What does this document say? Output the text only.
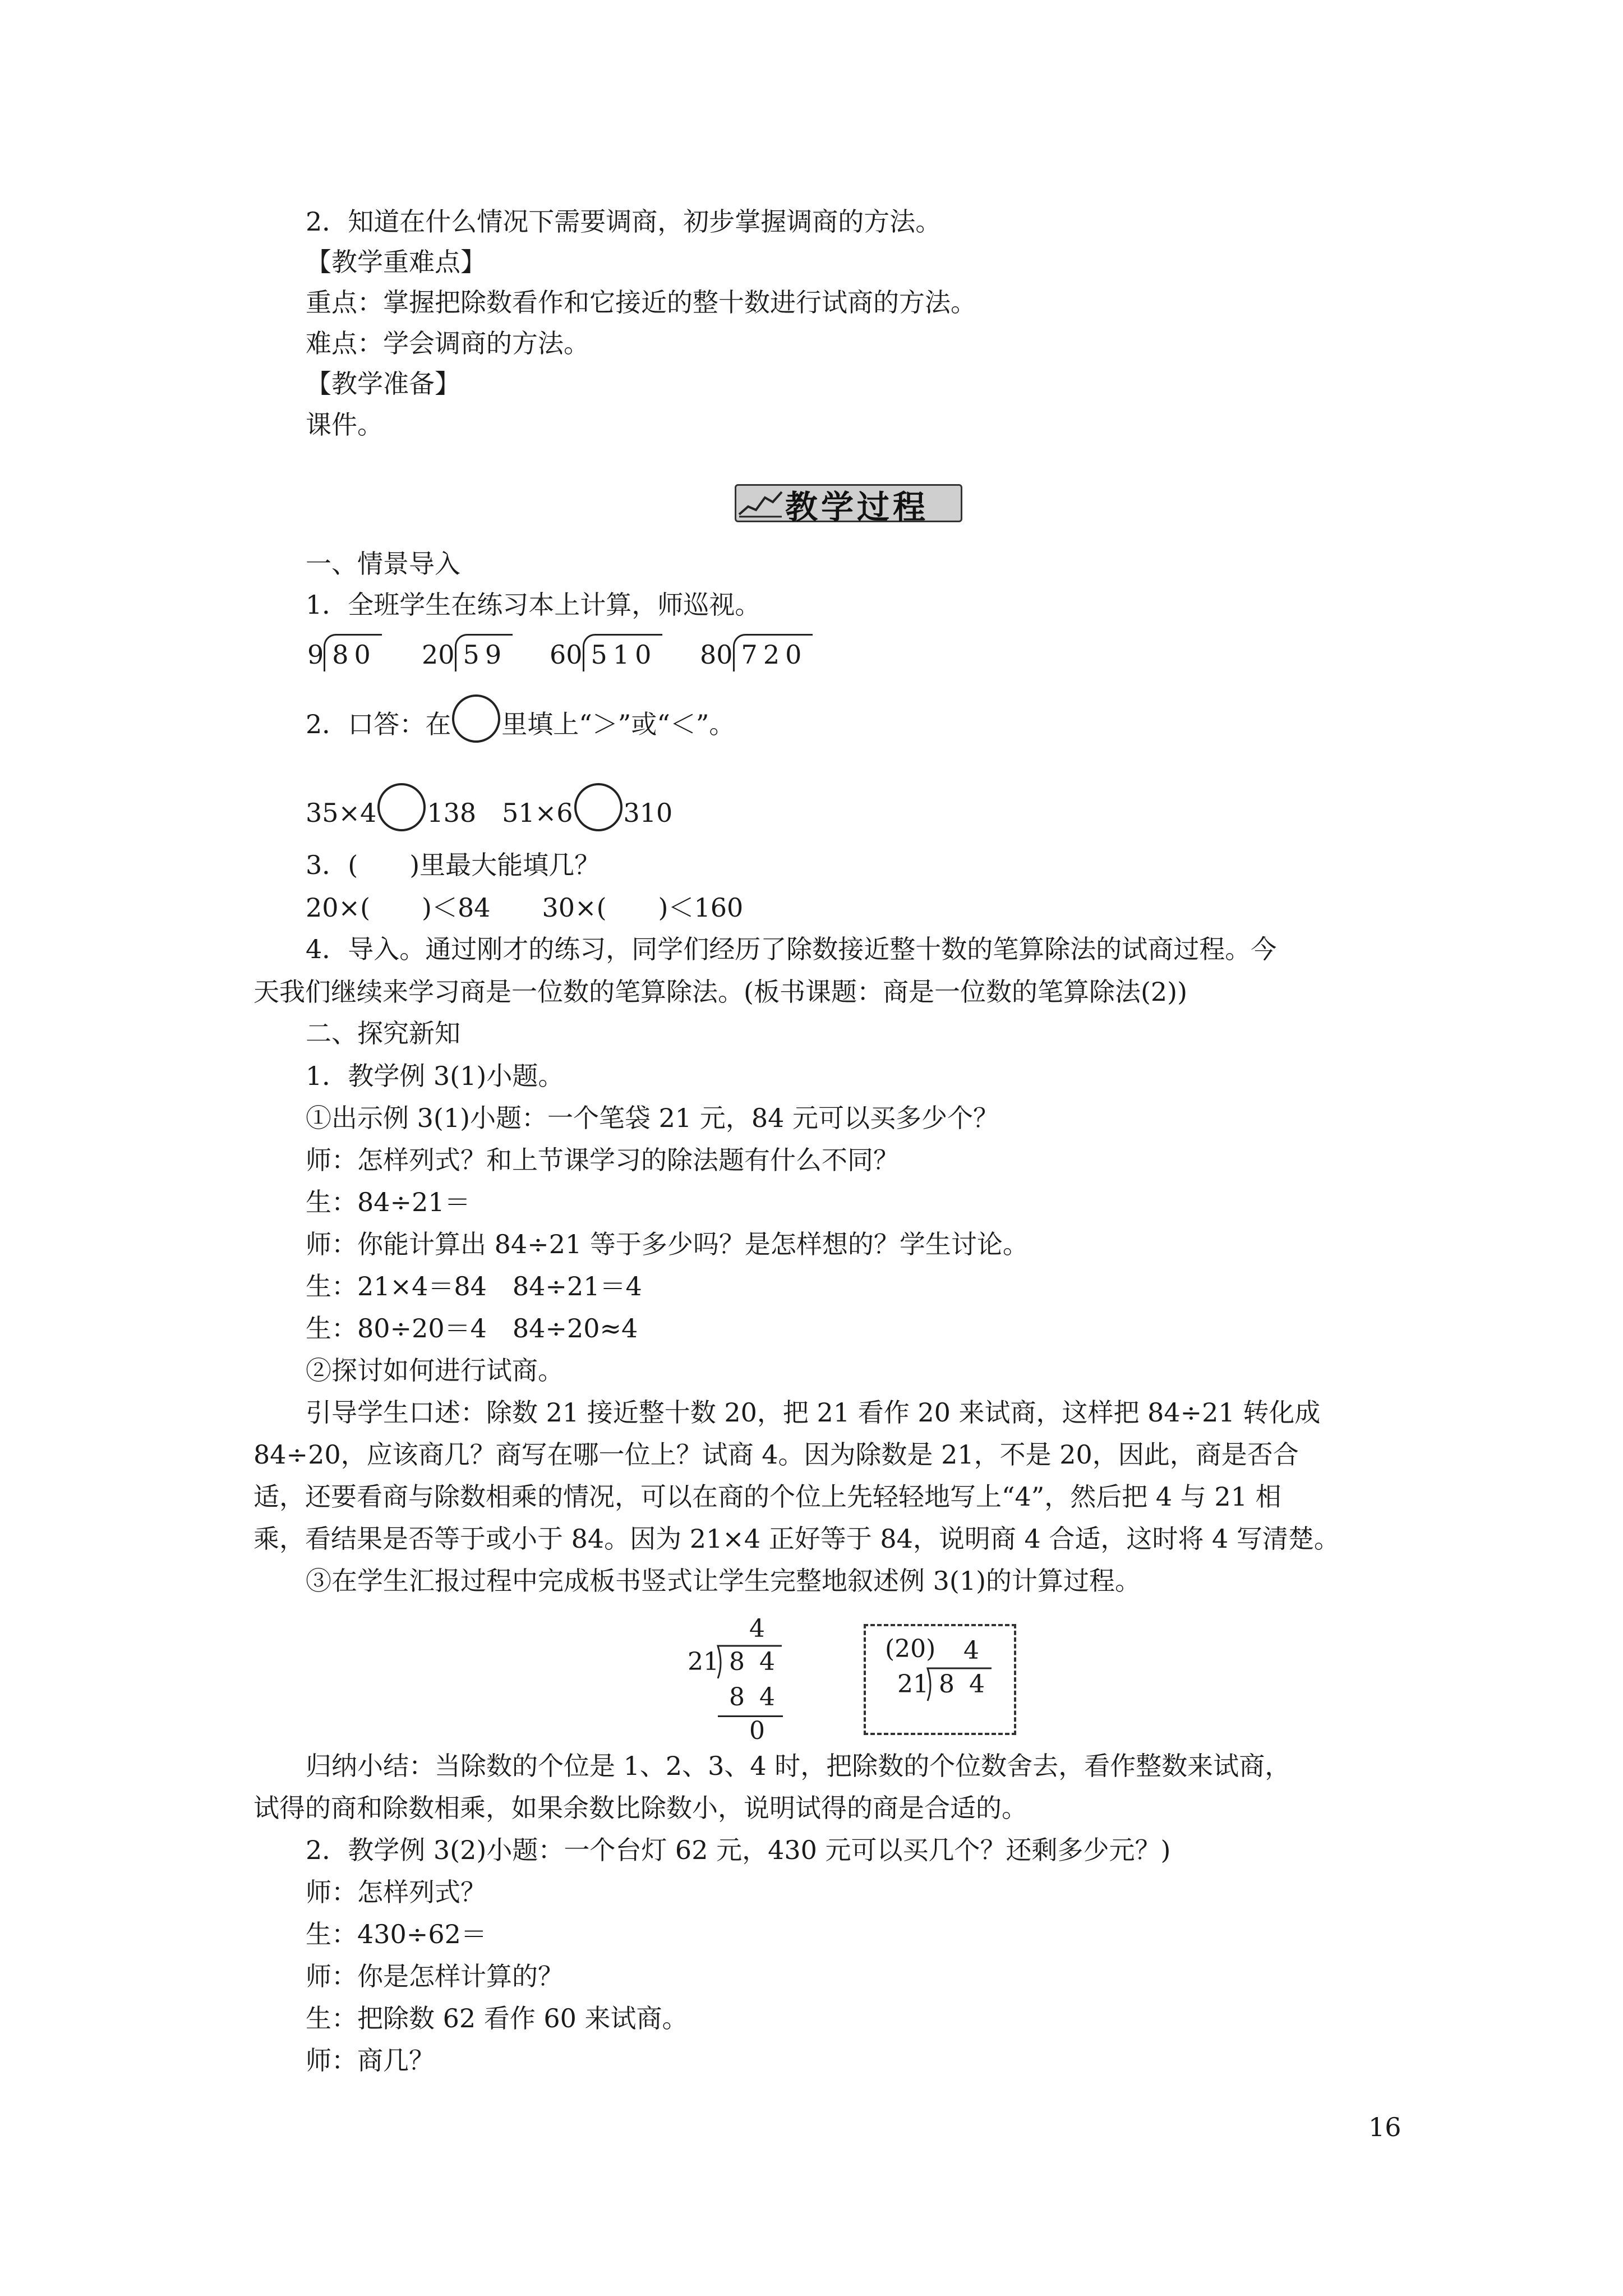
2．知道在什么情况下需要调商，初步掌握调商的方法。
【教学重难点】
重点：掌握把除数看作和它接近的整十数进行试商的方法。
难点：学会调商的方法。
【教学准备】
课件。
教学过程
一、情景导入
1．全班学生在练习本上计算，师巡视。
9 80 20 59 60 510 80 720
2．口答：在 里填上“＞”或“＜”。
35×4 138 51×6 310
3．(　　)里最大能填几？
20×(　　)＜84　　30×(　　)＜160
4．导入。通过刚才的练习，同学们经历了除数接近整十数的笔算除法的试商过程。今
天我们继续来学习商是一位数的笔算除法。(板书课题：商是一位数的笔算除法(2))
二、探究新知
1．教学例 3(1)小题。
①出示例 3(1)小题：一个笔袋 21 元，84 元可以买多少个？
师：怎样列式？和上节课学习的除法题有什么不同？
生：84÷21＝
师：你能计算出 84÷21 等于多少吗？是怎样想的？学生讨论。
生：21×4＝84　84÷21＝4
生：80÷20＝4　84÷20≈4
②探讨如何进行试商。
引导学生口述：除数 21 接近整十数 20，把 21 看作 20 来试商，这样把 84÷21 转化成
84÷20，应该商几？商写在哪一位上？试商 4。因为除数是 21，不是 20，因此，商是否合
适，还要看商与除数相乘的情况，可以在商的个位上先轻轻地写上“4”，然后把 4 与 21 相
乘，看结果是否等于或小于 84。因为 21×4 正好等于 84，说明商 4 合适，这时将 4 写清楚。
③在学生汇报过程中完成板书竖式让学生完整地叙述例 3(1)的计算过程。
4
21 8 4
8 4
0
(20) 4
21 8 4
归纳小结：当除数的个位是 1、2、3、4 时，把除数的个位数舍去，看作整数来试商，
试得的商和除数相乘，如果余数比除数小，说明试得的商是合适的。
2．教学例 3(2)小题：一个台灯 62 元，430 元可以买几个？还剩多少元？)
师：怎样列式？
生：430÷62＝
师：你是怎样计算的？
生：把除数 62 看作 60 来试商。
师：商几？
16
